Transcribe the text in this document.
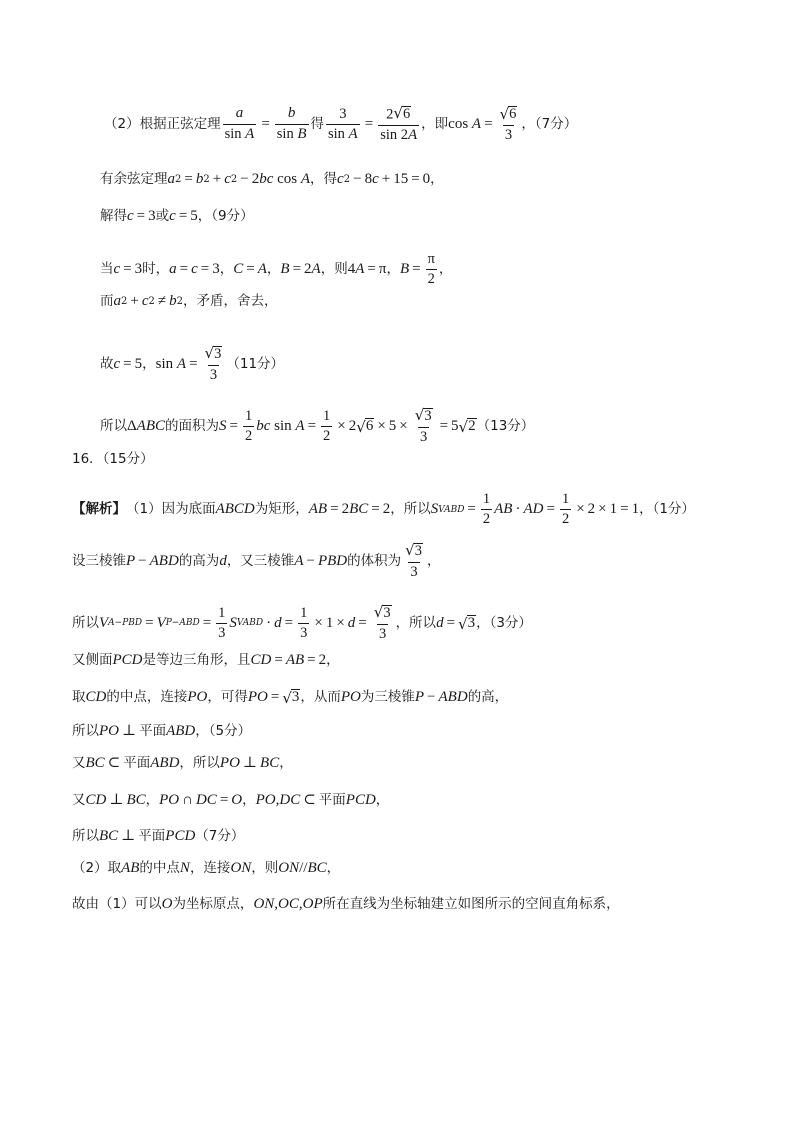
（2）根据正弦定理 $\frac{a}{\text{sin A}} = \frac{b}{\text{sin B}}$ 得 $\frac{3}{\text{sin A}} = \frac{2 √ 6}{\sin 2A}$ ，即 $\cos A = \frac{√ 6}{3}$ ，（7分）
有余弦定理 a 2 = b 2 + c 2 − 2 bc cos A ，得 c 2 − 8 c + 15 = 0 ，
解得 c = 3 或 c = 5 ，（9分）
当 c = 3 时， a = c = 3 ， C = A ， B = 2 A ，则 4 A = π ， $B = \frac{\pi}{2}$ ，
而 a 2 + c 2 ≠ b 2 ，矛盾，舍去，
故 c = 5 ， $\sin A = \frac{√ 3}{3} (11$分）
所以 Δ ABC 的面积为 $S = \frac{1}{2}$ bc $\sin A = \frac{1}{2} \times 2$ √ $6 \times 5 \times \frac{√ 3}{3} = 5$ √ 2 （13分）
16．（15分）
【解析】 （1）因为底面 ABCD 为矩形， AB = 2 BC = 2 ，所以 S VABD = $\frac{1}{2}$ AB · AD = $\frac{1}{2} \times 2 \times 1 = 1$ ，（1分）
设三棱锥 P − ABD 的高为 d ，又三棱锥 A − PBD 的体积为 $\frac{√ 3}{3}$ ，
所以 V A−PBD = V $P-ABD = \frac{1}{3}$ S VABD · $d = \frac{1}{3} \times 1 \times d = \frac{√ 3}{3}$ ，所以 d = √ 3 ，（3分）
又侧面 PCD 是等边三角形，且 CD = AB = 2 ，
取 CD 的中点，连接 PO ，可得 PO = √ 3 ，从而 PO 为三棱锥 P − ABD 的高，
所以 PO ⊥ 平面 ABD ，（5分）
又 BC ⊂ 平面 ABD ，所以 PO ⊥ BC ，
又 CD ⊥ BC ， PO ∩ DC = O ， PO , DC ⊂ 平面 PCD ，
所以 BC ⊥ 平面 PCD （7分）
（2）取 AB 的中点 N ，连接 ON ，则 ON // BC ，
故由（1）可以 O 为坐标原点， ON , OC , OP 所在直线为坐标轴建立如图所示的空间直角标系，
